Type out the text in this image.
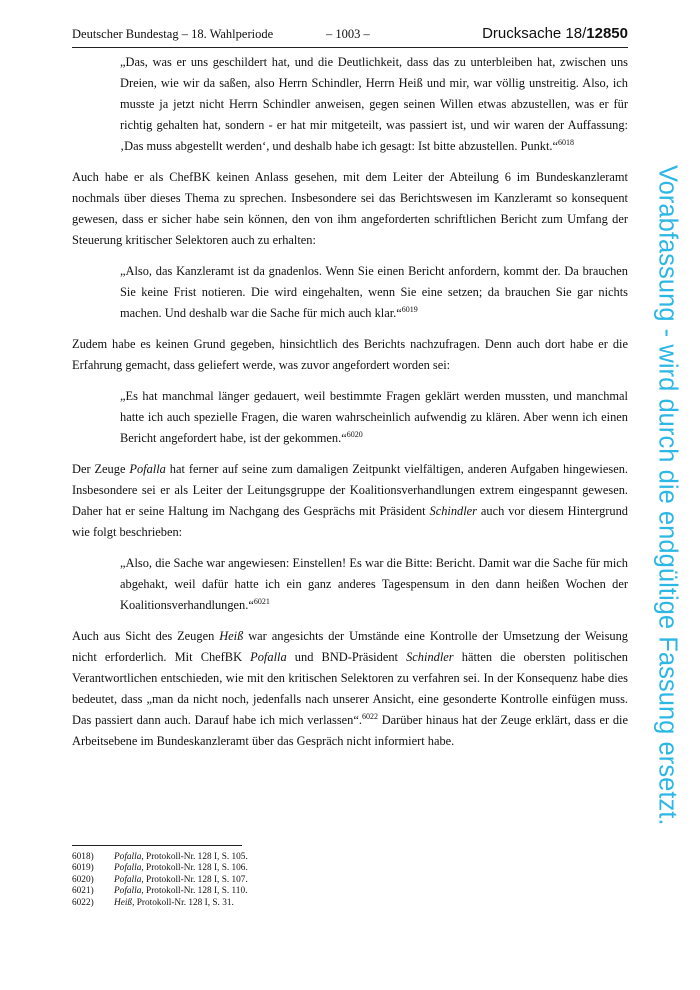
Deutscher Bundestag – 18. Wahlperiode	– 1003 –	Drucksache 18/12850

„Das, was er uns geschildert hat, und die Deutlichkeit, dass das zu unterbleiben hat, zwischen uns Dreien, wie wir da saßen, also Herrn Schindler, Herrn Heiß und mir, war völlig unstreitig. Also, ich musste ja jetzt nicht Herrn Schindler anweisen, gegen seinen Willen etwas abzustellen, was er für richtig gehalten hat, sondern - er hat mir mitgeteilt, was passiert ist, und wir waren der Auffassung: ‚Das muss abgestellt werden‘, und deshalb habe ich gesagt: Ist bitte abzustellen. Punkt.“$^{6018}$

Auch habe er als ChefBK keinen Anlass gesehen, mit dem Leiter der Abteilung 6 im Bundeskanzleramt nochmals über dieses Thema zu sprechen. Insbesondere sei das Berichtswesen im Kanzleramt so konsequent gewesen, dass er sicher habe sein können, den von ihm angeforderten schriftlichen Bericht zum Umfang der Steuerung kritischer Selektoren auch zu erhalten:

„Also, das Kanzleramt ist da gnadenlos. Wenn Sie einen Bericht anfordern, kommt der. Da brauchen Sie keine Frist notieren. Die wird eingehalten, wenn Sie eine setzen; da brauchen Sie gar nichts machen. Und deshalb war die Sache für mich auch klar.“$^{6019}$

Zudem habe es keinen Grund gegeben, hinsichtlich des Berichts nachzufragen. Denn auch dort habe er die Erfahrung gemacht, dass geliefert werde, was zuvor angefordert worden sei:

„Es hat manchmal länger gedauert, weil bestimmte Fragen geklärt werden mussten, und manchmal hatte ich auch spezielle Fragen, die waren wahrscheinlich aufwendig zu klären. Aber wenn ich einen Bericht angefordert habe, ist der gekommen.“$^{6020}$

Der Zeuge Pofalla hat ferner auf seine zum damaligen Zeitpunkt vielfältigen, anderen Aufgaben hingewiesen. Insbesondere sei er als Leiter der Leitungsgruppe der Koalitionsverhandlungen extrem eingespannt gewesen. Daher hat er seine Haltung im Nachgang des Gesprächs mit Präsident Schindler auch vor diesem Hintergrund wie folgt beschrieben:

„Also, die Sache war angewiesen: Einstellen! Es war die Bitte: Bericht. Damit war die Sache für mich abgehakt, weil dafür hatte ich ein ganz anderes Tagespensum in den dann heißen Wochen der Koalitionsverhandlungen.“$^{6021}$

Auch aus Sicht des Zeugen Heiß war angesichts der Umstände eine Kontrolle der Umsetzung der Weisung nicht erforderlich. Mit ChefBK Pofalla und BND-Präsident Schindler hätten die obersten politischen Verantwortlichen entschieden, wie mit den kritischen Selektoren zu verfahren sei. In der Konsequenz habe dies bedeutet, dass „man da nicht noch, jedenfalls nach unserer Ansicht, eine gesonderte Kontrolle einfügen muss. Das passiert dann auch. Darauf habe ich mich verlassen“.$^{6022}$ Darüber hinaus hat der Zeuge erklärt, dass er die Arbeitsebene im Bundeskanzleramt über das Gespräch nicht informiert habe.

6018) Pofalla, Protokoll-Nr. 128 I, S. 105.
6019) Pofalla, Protokoll-Nr. 128 I, S. 106.
6020) Pofalla, Protokoll-Nr. 128 I, S. 107.
6021) Pofalla, Protokoll-Nr. 128 I, S. 110.
6022) Heiß, Protokoll-Nr. 128 I, S. 31.
Vorabfassung - wird durch die endgültige Fassung ersetzt.
